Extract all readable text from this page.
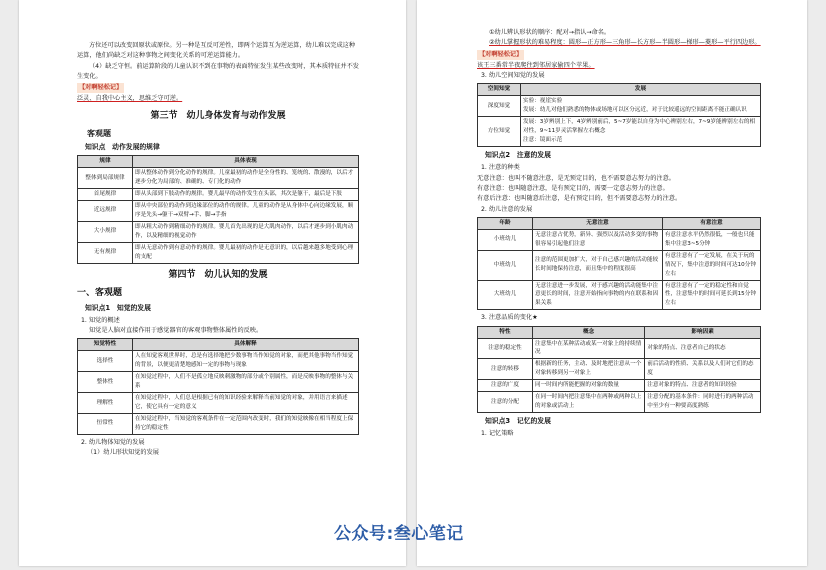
方位还可以改变回原状或原位。另一种是互反可逆性，即两个运算互为逆运算，幼儿难以完成这种运算，他们尚缺乏对这种事物之间变化关系的可逆运算能力。

（4）缺乏守恒。前运算阶段的儿童认识不到在事物的表面特征发生某些改变时，其本质特征并不发生变化。

【对啊轻松记】

泛灵、自我中心主义，思维乏守可逆。

第三节　幼儿身体发育与动作发展
客观题
知识点　动作发展的规律
规律	具体表现
整体到局部规律	即从整体动作到分化动作的规律。儿童最初的动作是全身性的、笼统的、散漫的，以后才逐步分化为局部的、准确的、专门化的动作
首尾规律	即从头部到下肢动作的规律。婴儿最早的动作发生在头部，其次是躯干，最后是下肢
近远规律	即从中央部位的动作到边缘部位的动作的规律。儿童的动作是从身体中心向边缘发展，顺序是先头→躯干→双臂→手、脚→手指
大小规律	即从粗大动作到精细动作的规律。婴儿首先出现的是大肌肉动作，以后才逐步到小肌肉动作，以及精细的视觉动作
无有规律	即从无意动作到有意动作的规律。婴儿最初的动作是无意识的，以后越来越多地受到心理的支配
第四节　幼儿认知的发展
一、客观题
知识点1　知觉的发展

1. 知觉的概述

知觉是人脑对直接作用于感觉器官的客观事物整体属性的反映。

知觉特性	具体解释
选择性	人在知觉客观世界时，总是有选择地把少数事物当作知觉的对象，而把其他事物当作知觉的背景，以便更清楚地感知一定的事物与现象
整体性	在知觉过程中，人们不是孤立地反映刺激物的部分或个别属性，而是反映事物的整体与关系
理解性	在知觉过程中，人们总是根据已有的知识经验来解释当前知觉的对象，并用语言来描述它，使它具有一定的意义
恒常性	在知觉过程中，当知觉的客观条件在一定范围内改变时，我们的知觉映像在相当程度上保持它的稳定性

2. 幼儿物体知觉的发展

（1）幼儿形状知觉的发展

①幼儿辨认形状的顺序：配对→指认→命名。

②幼儿掌握形状的难易程度：圆形—正方形—三角形—长方形—半圆形—梯形—菱形—平行四边形。

【对啊轻松记】

该王三番常半夜爬往到邻居家偷四个苹果。

3. 幼儿空间知觉的发展

空间知觉	发展
深度知觉	实验：视崖实验
发展：幼儿对他们熟悉的物体或场地可以区分远近，对于比较遥远的空间距离不能正确认识
方位知觉	发展：3岁辨别上下，4岁辨别前后，5~7岁能以自身为中心辨别左右，7~9岁能辨别左右的相对性，9~11岁灵活掌握左右概念
注意：镜面示范
知识点2　注意的发展

1. 注意的种类

无意注意：也叫不随意注意，是无预定目的，也不需要意志努力的注意。

有意注意：也叫随意注意，是有预定目的，需要一定意志努力的注意。

有意后注意：也叫随意后注意，是有预定目的，但不需要意志努力的注意。

2. 幼儿注意的发展

年龄	无意注意	有意注意
小班幼儿	无意注意占优势，新异、强烈以及活动多变的事物很容易引起他们注意	有意注意水平仍然很低，一般也只能集中注意3~5分钟
中班幼儿	注意的范围更加扩大，对于自己感兴趣的活动能较长时间地保持注意，而且集中的程度很高	有意注意有了一定发展，在关于玩的情况下，集中注意的时间可达10分钟左右
大班幼儿	无意注意进一步发展，对于感兴趣的活动能集中注意更长的时间，注意开始指向事物的内在联系和因果关系	有意注意有了一定的稳定性和自觉性，注意集中的时间可延长到15分钟左右

3. 注意品质的变化★

特性	概念	影响因素
注意的稳定性	注意集中在某种活动或某一对象上的持续情况	对象的特点、注意者自己的状态
注意的转移	根据新的任务，主动、及时地把注意从一个对象转移到另一对象上	前后活动的性质、关系以及人们对它们的态度
注意的广度	同一时间内所能把握的对象的数量	注意对象的特点、注意者的知识经验
注意的分配	在同一时间内把注意集中在两种或两种以上的对象或活动上	注意分配的基本条件：同时进行的两种活动中至少有一种要高度熟练
知识点3　记忆的发展

1. 记忆策略

公众号:叁心笔记
